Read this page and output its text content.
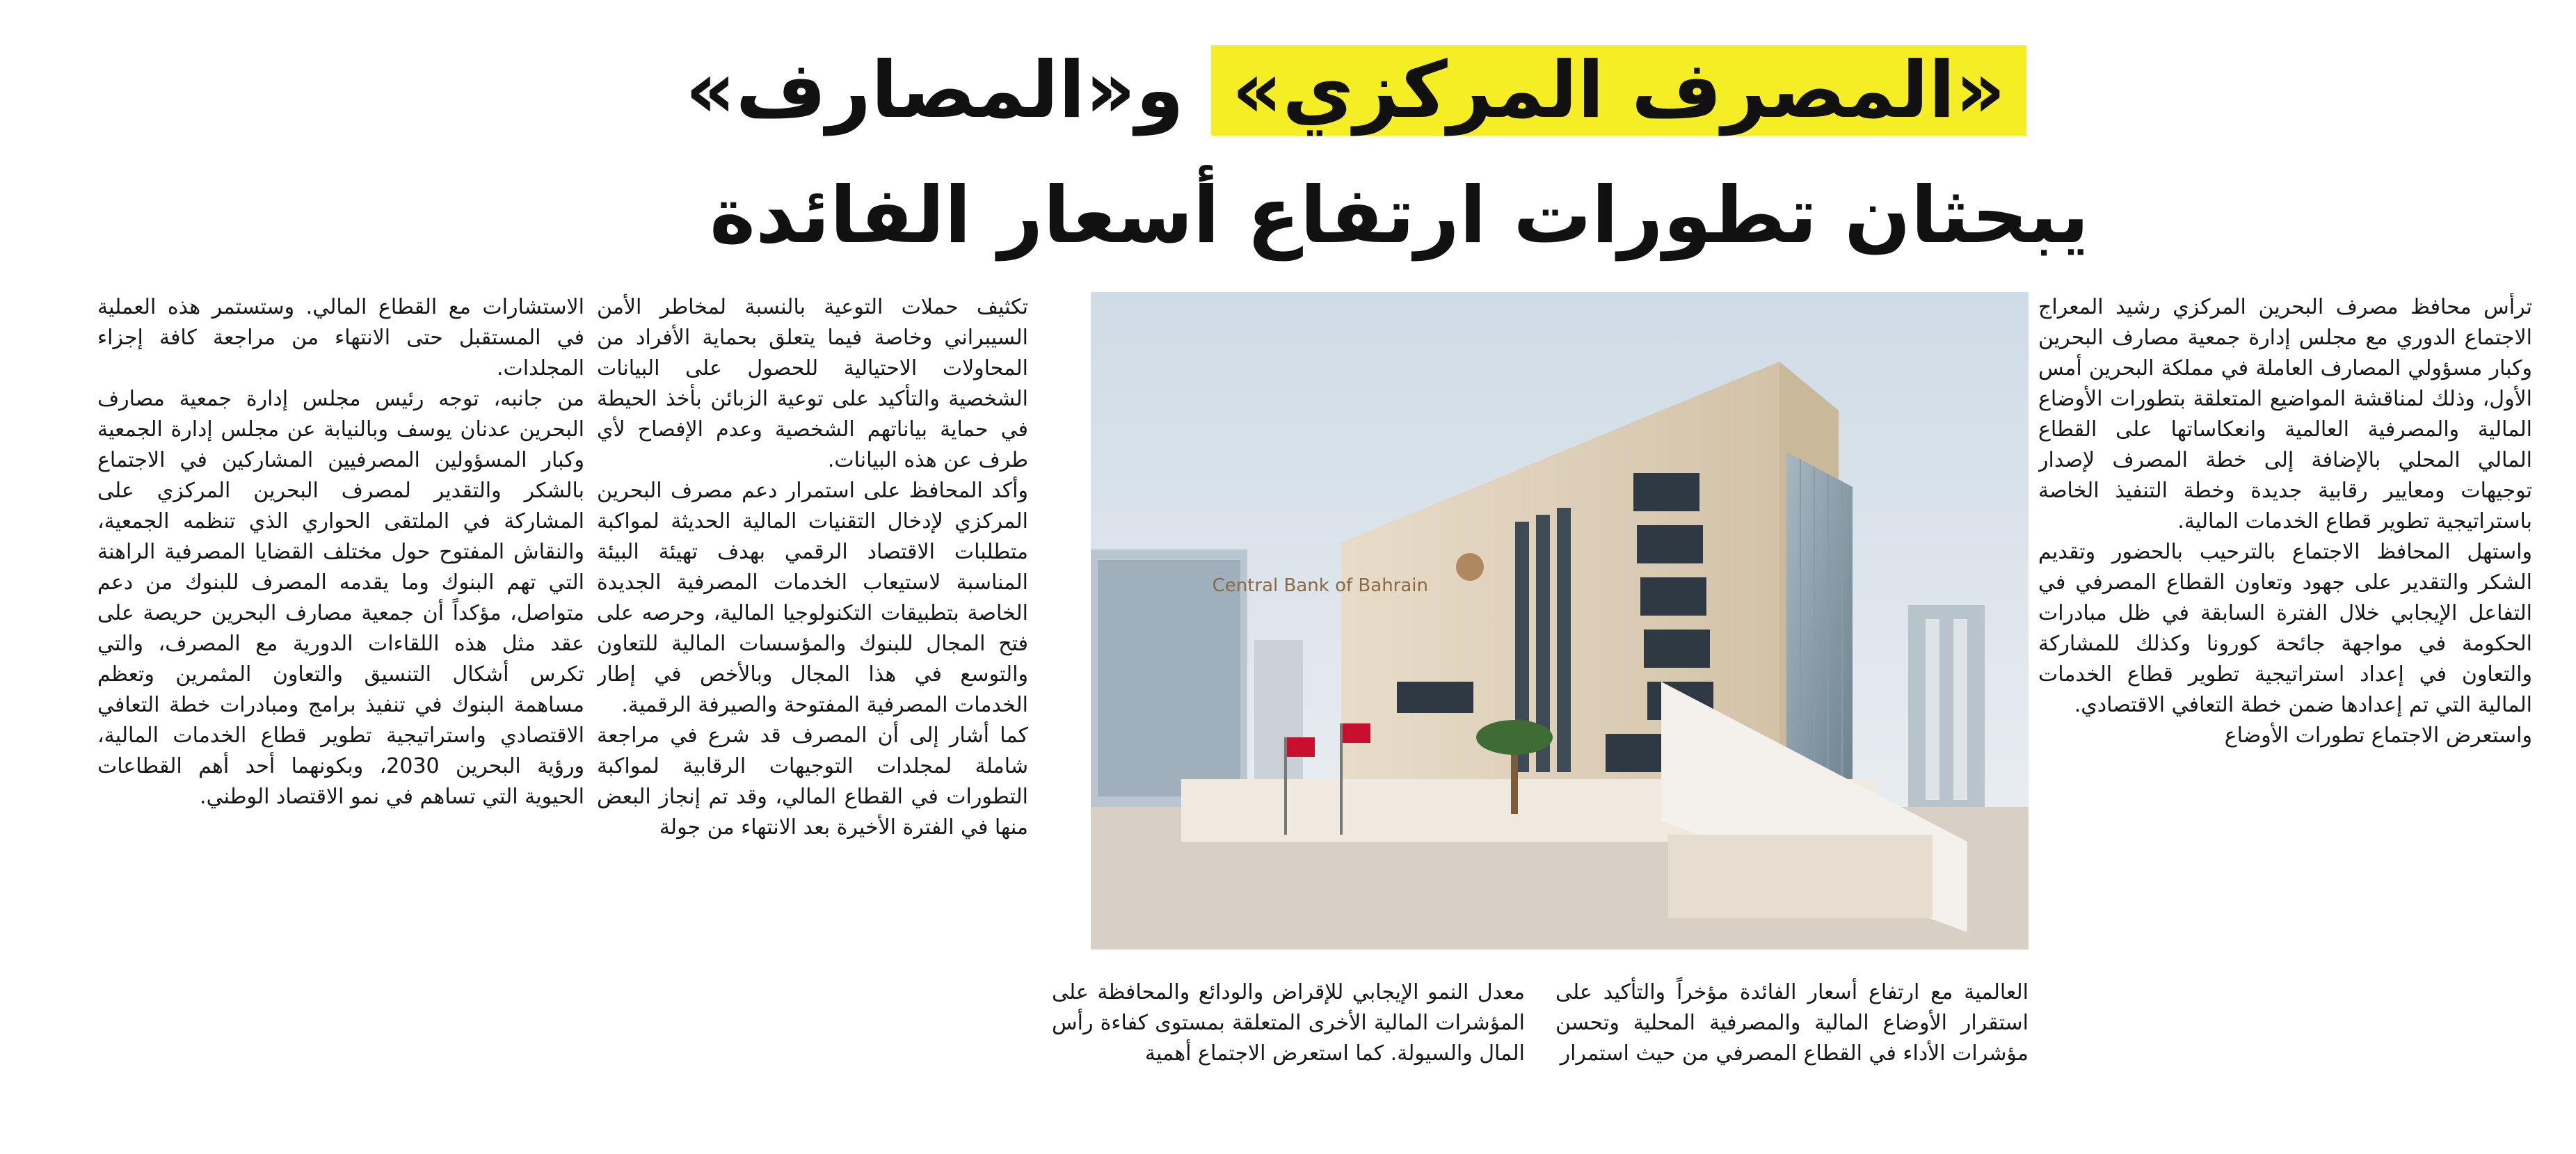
«المصرف المركزي» و«المصارف»
يبحثان تطورات ارتفاع أسعار الفائدة

ترأس محافظ مصرف البحرين المركزي رشيد المعراج الاجتماع الدوري مع مجلس إدارة جمعية مصارف البحرين وكبار مسؤولي المصارف العاملة في مملكة البحرين أمس الأول، وذلك لمناقشة المواضيع المتعلقة بتطورات الأوضاع المالية والمصرفية العالمية وانعكاساتها على القطاع المالي المحلي بالإضافة إلى خطة المصرف لإصدار توجيهات ومعايير رقابية جديدة وخطة التنفيذ الخاصة باستراتيجية تطوير قطاع الخدمات المالية.
واستهل المحافظ الاجتماع بالترحيب بالحضور وتقديم الشكر والتقدير على جهود وتعاون القطاع المصرفي في التفاعل الإيجابي خلال الفترة السابقة في ظل مبادرات الحكومة في مواجهة جائحة كورونا وكذلك للمشاركة والتعاون في إعداد استراتيجية تطوير قطاع الخدمات المالية التي تم إعدادها ضمن خطة التعافي الاقتصادي.
واستعرض الاجتماع تطورات الأوضاع

Central Bank of Bahrain

العالمية مع ارتفاع أسعار الفائدة مؤخراً والتأكيد على استقرار الأوضاع المالية والمصرفية المحلية وتحسن مؤشرات الأداء في القطاع المصرفي من حيث استمرار

معدل النمو الإيجابي للإقراض والودائع والمحافظة على المؤشرات المالية الأخرى المتعلقة بمستوى كفاءة رأس المال والسيولة. كما استعرض الاجتماع أهمية

تكثيف حملات التوعية بالنسبة لمخاطر الأمن السيبراني وخاصة فيما يتعلق بحماية الأفراد من المحاولات الاحتيالية للحصول على البيانات الشخصية والتأكيد على توعية الزبائن بأخذ الحيطة في حماية بياناتهم الشخصية وعدم الإفصاح لأي طرف عن هذه البيانات.
وأكد المحافظ على استمرار دعم مصرف البحرين المركزي لإدخال التقنيات المالية الحديثة لمواكبة متطلبات الاقتصاد الرقمي بهدف تهيئة البيئة المناسبة لاستيعاب الخدمات المصرفية الجديدة الخاصة بتطبيقات التكنولوجيا المالية، وحرصه على فتح المجال للبنوك والمؤسسات المالية للتعاون والتوسع في هذا المجال وبالأخص في إطار الخدمات المصرفية المفتوحة والصيرفة الرقمية.
كما أشار إلى أن المصرف قد شرع في مراجعة شاملة لمجلدات التوجيهات الرقابية لمواكبة التطورات في القطاع المالي، وقد تم إنجاز البعض منها في الفترة الأخيرة بعد الانتهاء من جولة

الاستشارات مع القطاع المالي. وستستمر هذه العملية في المستقبل حتى الانتهاء من مراجعة كافة إجزاء المجلدات.
من جانبه، توجه رئيس مجلس إدارة جمعية مصارف البحرين عدنان يوسف وبالنيابة عن مجلس إدارة الجمعية وكبار المسؤولين المصرفيين المشاركين في الاجتماع بالشكر والتقدير لمصرف البحرين المركزي على المشاركة في الملتقى الحواري الذي تنظمه الجمعية، والنقاش المفتوح حول مختلف القضايا المصرفية الراهنة التي تهم البنوك وما يقدمه المصرف للبنوك من دعم متواصل، مؤكداً أن جمعية مصارف البحرين حريصة على عقد مثل هذه اللقاءات الدورية مع المصرف، والتي تكرس أشكال التنسيق والتعاون المثمرين وتعظم مساهمة البنوك في تنفيذ برامج ومبادرات خطة التعافي الاقتصادي واستراتيجية تطوير قطاع الخدمات المالية، ورؤية البحرين 2030، وبكونهما أحد أهم القطاعات الحيوية التي تساهم في نمو الاقتصاد الوطني.
